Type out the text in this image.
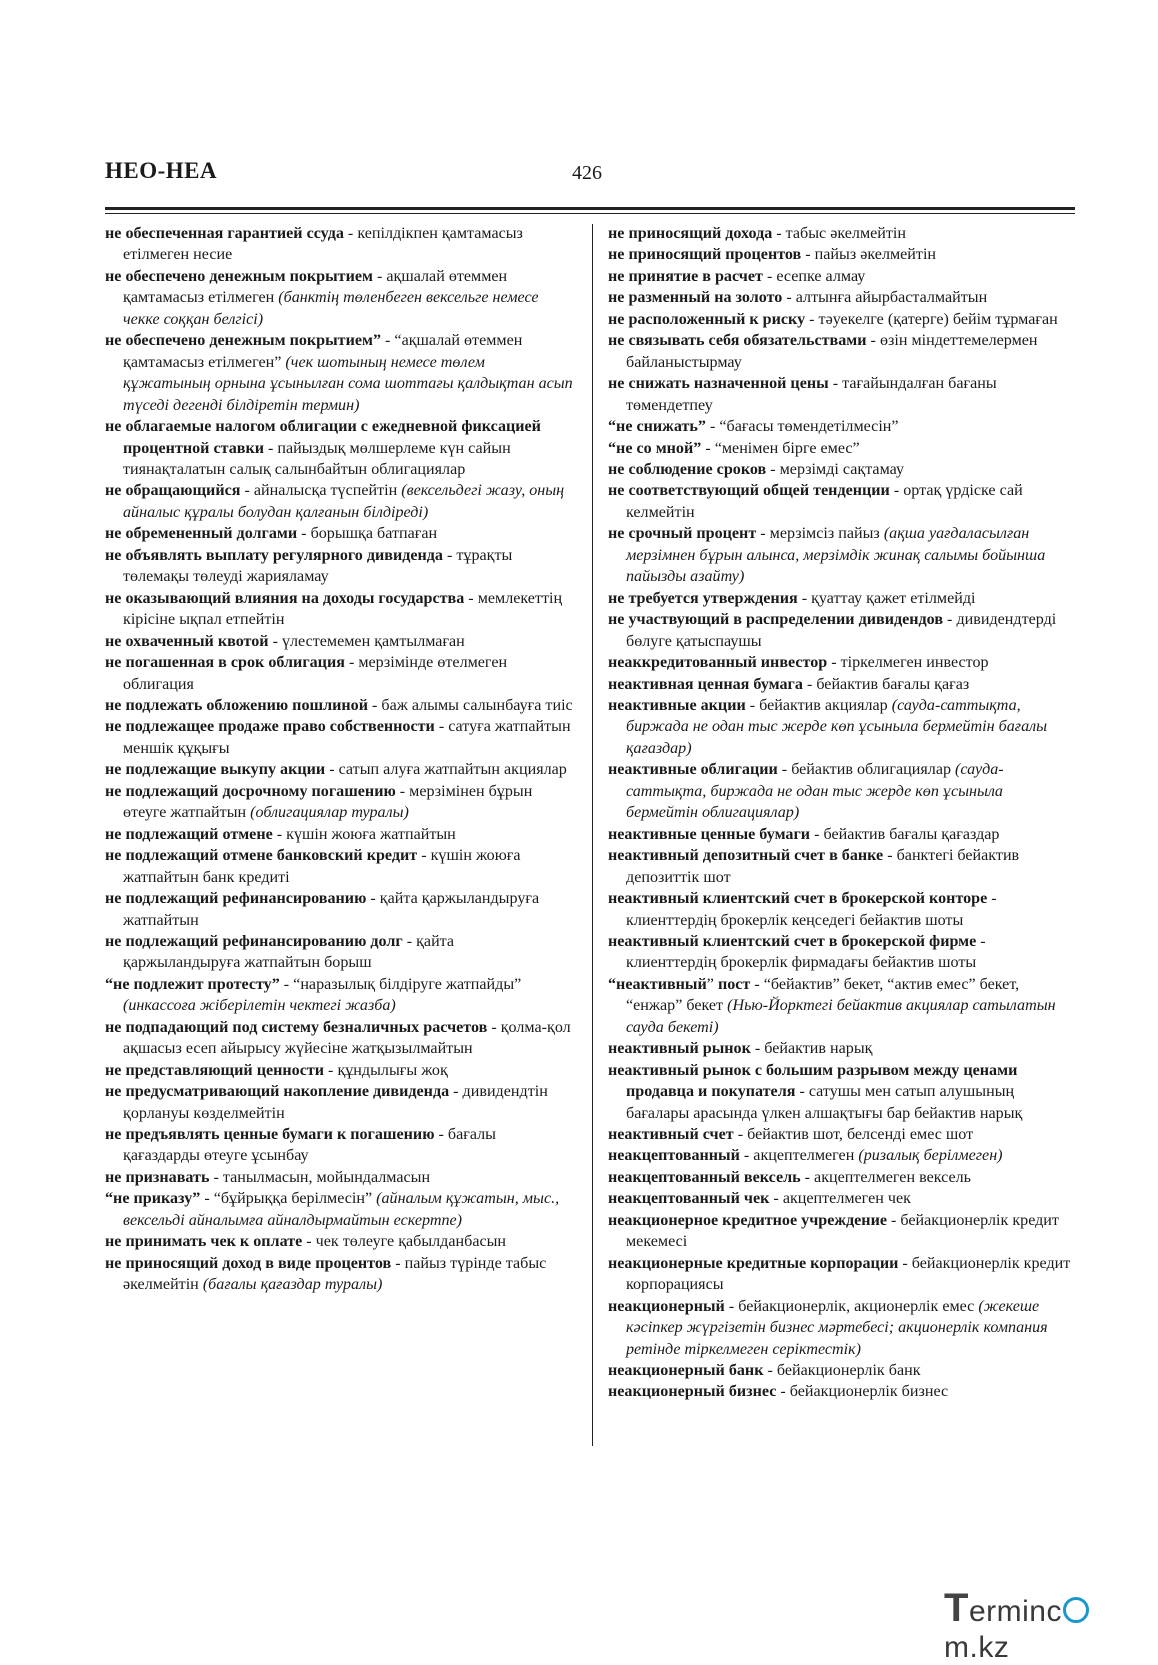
НЕО-НЕА	426

не обеспеченная гарантией ссуда - кепілдікпен қамтамасыз етілмеген несие

не обеспечено денежным покрытием - ақшалай өтеммен қамтамасыз етілмеген (банктің төленбеген вексельге немесе чекке соққан белгісі)

не обеспечено денежным покрытием” - “ақшалай өтеммен қамтамасыз етілмеген” (чек шотының немесе төлем құжатының орнына ұсынылған сома шоттағы қалдықтан асып түседі дегенді білдіретін термин)

не облагаемые налогом облигации с ежедневной фиксацией процентной ставки - пайыздық мөлшерлеме күн сайын тиянақталатын салық салынбайтын облигациялар

не обращающийся - айналысқа түспейтін (вексельдегі жазу, оның айналыс құралы болудан қалғанын білдіреді)

не обремененный долгами - борышқа батпаған

не объявлять выплату регулярного дивиденда - тұрақты төлемақы төлеуді жарияламау

не оказывающий влияния на доходы государства - мемлекеттің кірісіне ықпал етпейтін

не охваченный квотой - үлестемемен қамтылмаған

не погашенная в срок облигация - мерзімінде өтелмеген облигация

не подлежать обложению пошлиной - баж алымы салынбауға тиіс

не подлежащее продаже право собственности - сатуға жатпайтын меншік құқығы

не подлежащие выкупу акции - сатып алуға жатпайтын акциялар

не подлежащий досрочному погашению - мерзімінен бұрын өтеуге жатпайтын (облигациялар туралы)

не подлежащий отмене - күшін жоюға жатпайтын

не подлежащий отмене банковский кредит - күшін жоюға жатпайтын банк кредиті

не подлежащий рефинансированию - қайта қаржыландыруға жатпайтын

не подлежащий рефинансированию долг - қайта қаржыландыруға жатпайтын борыш

“не подлежит протесту” - “наразылық білдіруге жатпайды” (инкассоға жіберілетін чектегі жазба)

не подпадающий под систему безналичных расчетов - қолма-қол ақшасыз есеп айырысу жүйесіне жатқызылмайтын

не представляющий ценности - құндылығы жоқ

не предусматривающий накопление дивиденда - дивидендтін қорлануы көзделмейтін

не предъявлять ценные бумаги к погашению - бағалы қағаздарды өтеуге ұсынбау

не признавать - танылмасын, мойындалмасын

“не приказу” - “бұйрыққа берілмесін” (айналым құжатын, мыс., вексельді айналымға айналдырмайтын ескертпе)

не принимать чек к оплате - чек төлеуге қабылданбасын

не приносящий доход в виде процентов - пайыз түрінде табыс әкелмейтін (бағалы қағаздар туралы)

не приносящий дохода - табыс әкелмейтін

не приносящий процентов - пайыз әкелмейтін

не принятие в расчет - есепке алмау

не разменный на золото - алтынға айырбасталмайтын

не расположенный к риску - тәуекелге (қатерге) бейім тұрмаған

не связывать себя обязательствами - өзін міндеттемелермен байланыстырмау

не снижать назначенной цены - тағайындалған бағаны төмендетпеу

“не снижать” - “бағасы төмендетілмесін”

“не со мной” - “менімен бірге емес”

не соблюдение сроков - мерзімді сақтамау

не соответствующий общей тенденции - ортақ үрдіске сай келмейтін

не срочный процент - мерзімсіз пайыз (ақша уағдаласылған мерзімнен бұрын алынса, мерзімдік жинақ салымы бойынша пайызды азайту)

не требуется утверждения - қуаттау қажет етілмейді

не участвующий в распределении дивидендов - дивидендтерді бөлуге қатыспаушы

неаккредитованный инвестор - тіркелмеген инвестор

неактивная ценная бумага - бейактив бағалы қағаз

неактивные акции - бейактив акциялар (сауда-саттықта, биржада не одан тыс жерде көп ұсынылa бермейтін бағалы қағаздар)

неактивные облигации - бейактив облигациялар (сауда-саттықта, биржада не одан тыс жерде көп ұсынылa бермейтін облигациялар)

неактивные ценные бумаги - бейактив бағалы қағаздар

неактивный депозитный счет в банке - банктегі бейактив депозиттік шот

неактивный клиентский счет в брокерской конторе - клиенттердің брокерлік кеңседегі бейактив шоты

неактивный клиентский счет в брокерской фирме - клиенттердің брокерлік фирмадағы бейактив шоты

“неактивный” пост - “бейактив” бекет, “актив емес” бекет, “енжар” бекет (Нью-Йорктегі бейактив акциялар сатылатын сауда бекеті)

неактивный рынок - бейактив нарық

неактивный рынок с большим разрывом между ценами продавца и покупателя - сатушы мен сатып алушының бағалары арасында үлкен алшақтығы бар бейактив нарық

неактивный счет - бейактив шот, белсенді емес шот

неакцептованный - акцептелмеген (ризалық берілмеген)

неакцептованный вексель - акцептелмеген вексель

неакцептованный чек - акцептелмеген чек

неакционерное кредитное учреждение - бейакционерлік кредит мекемесі

неакционерные кредитные корпорации - бейакционерлік кредит корпорациясы

неакционерный - бейакционерлік, акционерлік емес (жекеше кәсіпкер жүргізетін бизнес мәртебесі; акционерлік компания ретінде тіркелмеген серіктестік)

неакционерный банк - бейакционерлік банк

неакционерный бизнес - бейакционерлік бизнес

Termincm.kz
